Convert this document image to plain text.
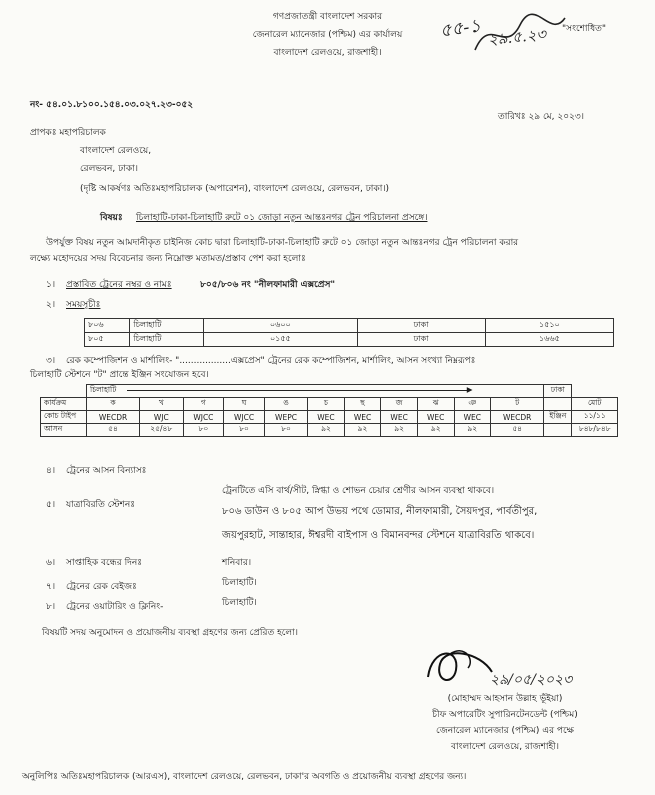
গণপ্রজাতন্ত্রী বাংলাদেশ সরকার
জেনারেল ম্যানেজার (পশ্চিম) এর কার্যালয়
বাংলাদেশ রেলওয়ে, রাজশাহী।
৫৫-১ ২৯.৫.২৩ "সংশোধিত"
নং- ৫৪.০১.৮১০০.১৫৪.০৩.০২৭.২৩-০৫২
তারিখঃ ২৯ মে, ২০২৩।
প্রাপকঃ মহাপরিচালক
বাংলাদেশ রেলওয়ে,
রেলভবন, ঢাকা।
(দৃষ্টি আকর্ষণঃ অতিঃমহাপরিচালক (অপারেশন), বাংলাদেশ রেলওয়ে, রেলভবন, ঢাকা।)
বিষয়ঃ চিলাহাটি-ঢাকা-চিলাহাটি রুটে ০১ জোড়া নতুন আন্তঃনগর ট্রেন পরিচালনা প্রসঙ্গে।
উপর্যুক্ত বিষয় নতুন আমদানীকৃত চাইনিজ কোচ দ্বারা চিলাহাটি-ঢাকা-চিলাহাটি রুটে ০১ জোড়া নতুন আন্তঃনগর ট্রেন পরিচালনা করার
লক্ষ্যে মহোদয়ের সদয় বিবেচনার জন্য নিম্নোক্ত মতামত/প্রস্তাব পেশ করা হলোঃ
১। প্রস্তাবিত ট্রেনের নম্বর ও নামঃ	৮০৫/৮০৬ নং "নীলফামারী এক্সপ্রেস"
২। সময়সূচীঃ
৮০৬	চিলাহাটি	০৬০০	ঢাকা	১৫১০
৮০৫	চিলাহাটি	০১৫৫	ঢাকা	১৬৬৫
৩। রেক কম্পোজিশন ও মার্শালিং- "..................এক্সপ্রেস" ট্রেনের রেক কম্পোজিশন, মার্শালিং, আসন সংখ্যা নিম্নরূপঃ
চিলাহাটি স্টেশনে "ট" প্রান্তে ইঞ্জিন সংযোজন হবে।
	চিলাহাটি ▶											ঢাকা	
কার্যক্রম	ক	খ	গ	ঘ	ঙ	চ	ছ	জ	ঝ	ঞ	ট		মোট
কোচ টাইপ	WECDR	WJC	WJCC	WJCC	WEPC	WEC	WEC	WEC	WEC	WEC	WECDR	ইঞ্জিন	১১/১১
আসন	৫৪	২৫/৪৮	৮০	৮০	৮০	৯২	৯২	৯২	৯২	৯২	৫৪		৮৪৮/৮৪৮
৪। ট্রেনের আসন বিন্যাসঃ
ট্রেনটিতে এসি বার্থ/সীট, স্নিগ্ধা ও শোভন চেয়ার শ্রেণীর আসন ব্যবস্থা থাকবে।
৫। যাত্রাবিরতি স্টেশনঃ
৮০৬ ডাউন ও ৮০৫ আপ উভয় পথে ডোমার, নীলফামারী, সৈয়দপুর, পার্বতীপুর,
জয়পুরহাট, সান্তাহার, ঈশ্বরদী বাইপাস ও বিমানবন্দর স্টেশনে যাত্রাবিরতি থাকবে।
৬। সাপ্তাহিক বন্ধের দিনঃ	শনিবার।
৭। ট্রেনের রেক বেইজঃ	চিলাহাটি।
৮। ট্রেনের ওয়াটারিং ও ক্লিনিং-	চিলাহাটি।
বিষয়টি সদয় অনুমোদন ও প্রয়োজনীয় ব্যবস্থা গ্রহণের জন্য প্রেরিত হলো।
২৯/০৫/২০২৩
(মোহাম্মদ আহসান উল্লাহ ভূঁইয়া)
চীফ অপারেটিং সুপারিনটেনডেন্ট (পশ্চিম)
জেনারেল ম্যানেজার (পশ্চিম) এর পক্ষে
বাংলাদেশ রেলওয়ে, রাজশাহী।
অনুলিপিঃ অতিঃমহাপরিচালক (আরএস), বাংলাদেশ রেলওয়ে, রেলভবন, ঢাকা'র অবগতি ও প্রয়োজনীয় ব্যবস্থা গ্রহণের জন্য।
